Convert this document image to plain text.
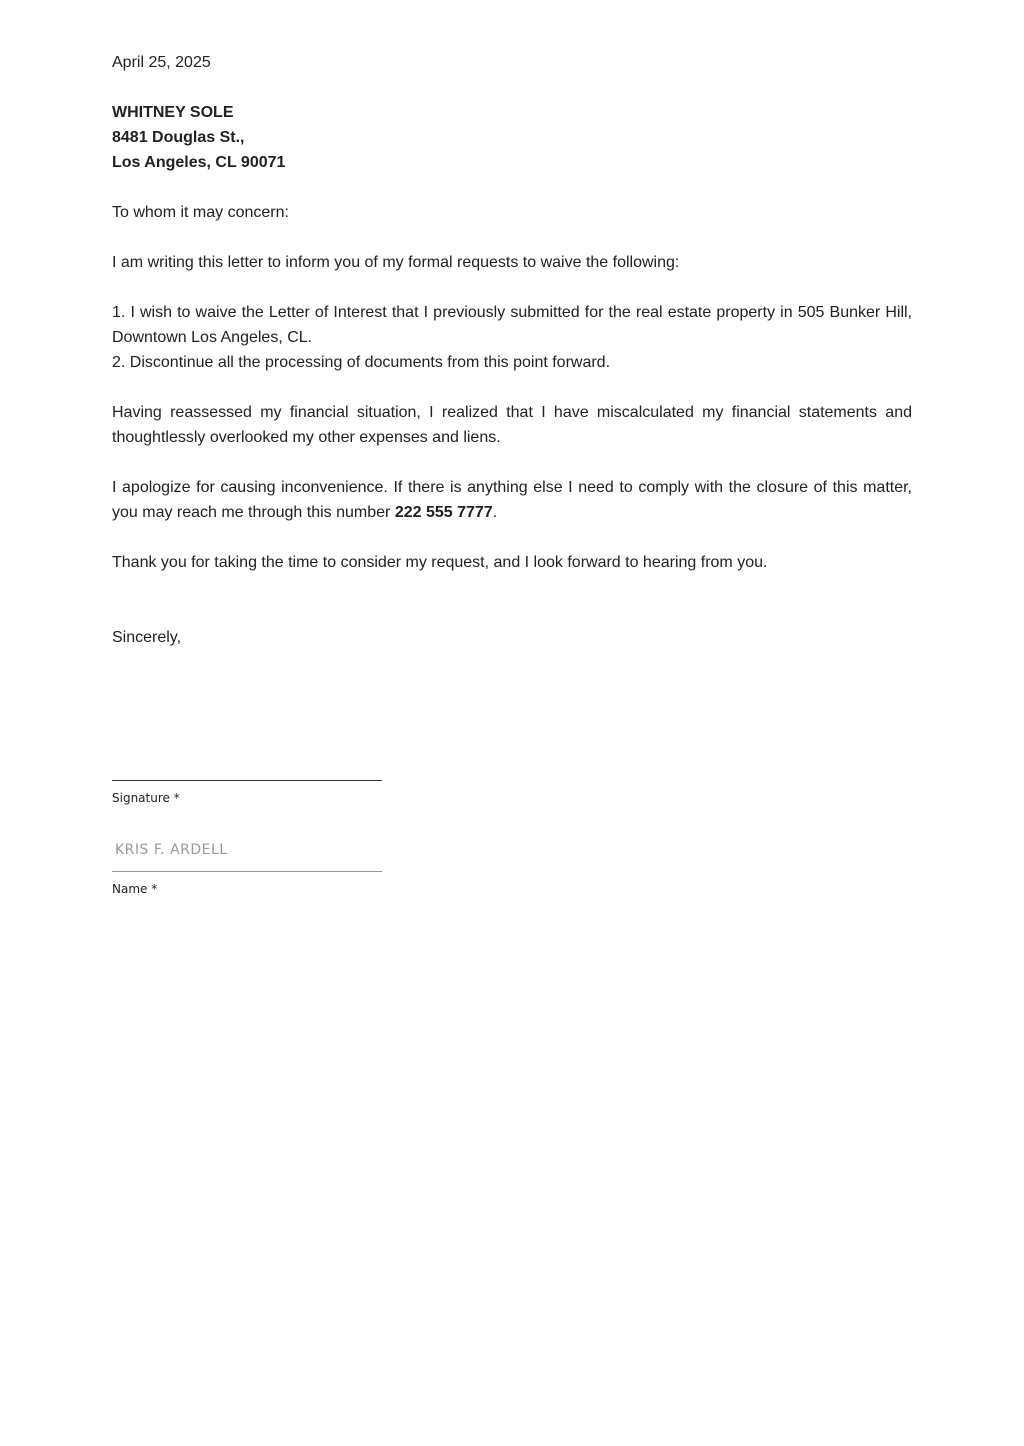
April 25, 2025

WHITNEY SOLE

8481 Douglas St.,

Los Angeles, CL 90071

To whom it may concern:

I am writing this letter to inform you of my formal requests to waive the following:

1. I wish to waive the Letter of Interest that I previously submitted for the real estate property in 505 Bunker Hill, Downtown Los Angeles, CL.

2. Discontinue all the processing of documents from this point forward.

Having reassessed my financial situation, I realized that I have miscalculated my financial statements and thoughtlessly overlooked my other expenses and liens.

I apologize for causing inconvenience. If there is anything else I need to comply with the closure of this matter, you may reach me through this number 222 555 7777.

Thank you for taking the time to consider my request, and I look forward to hearing from you.

Sincerely,

Signature *
KRIS F. ARDELL
Name *
